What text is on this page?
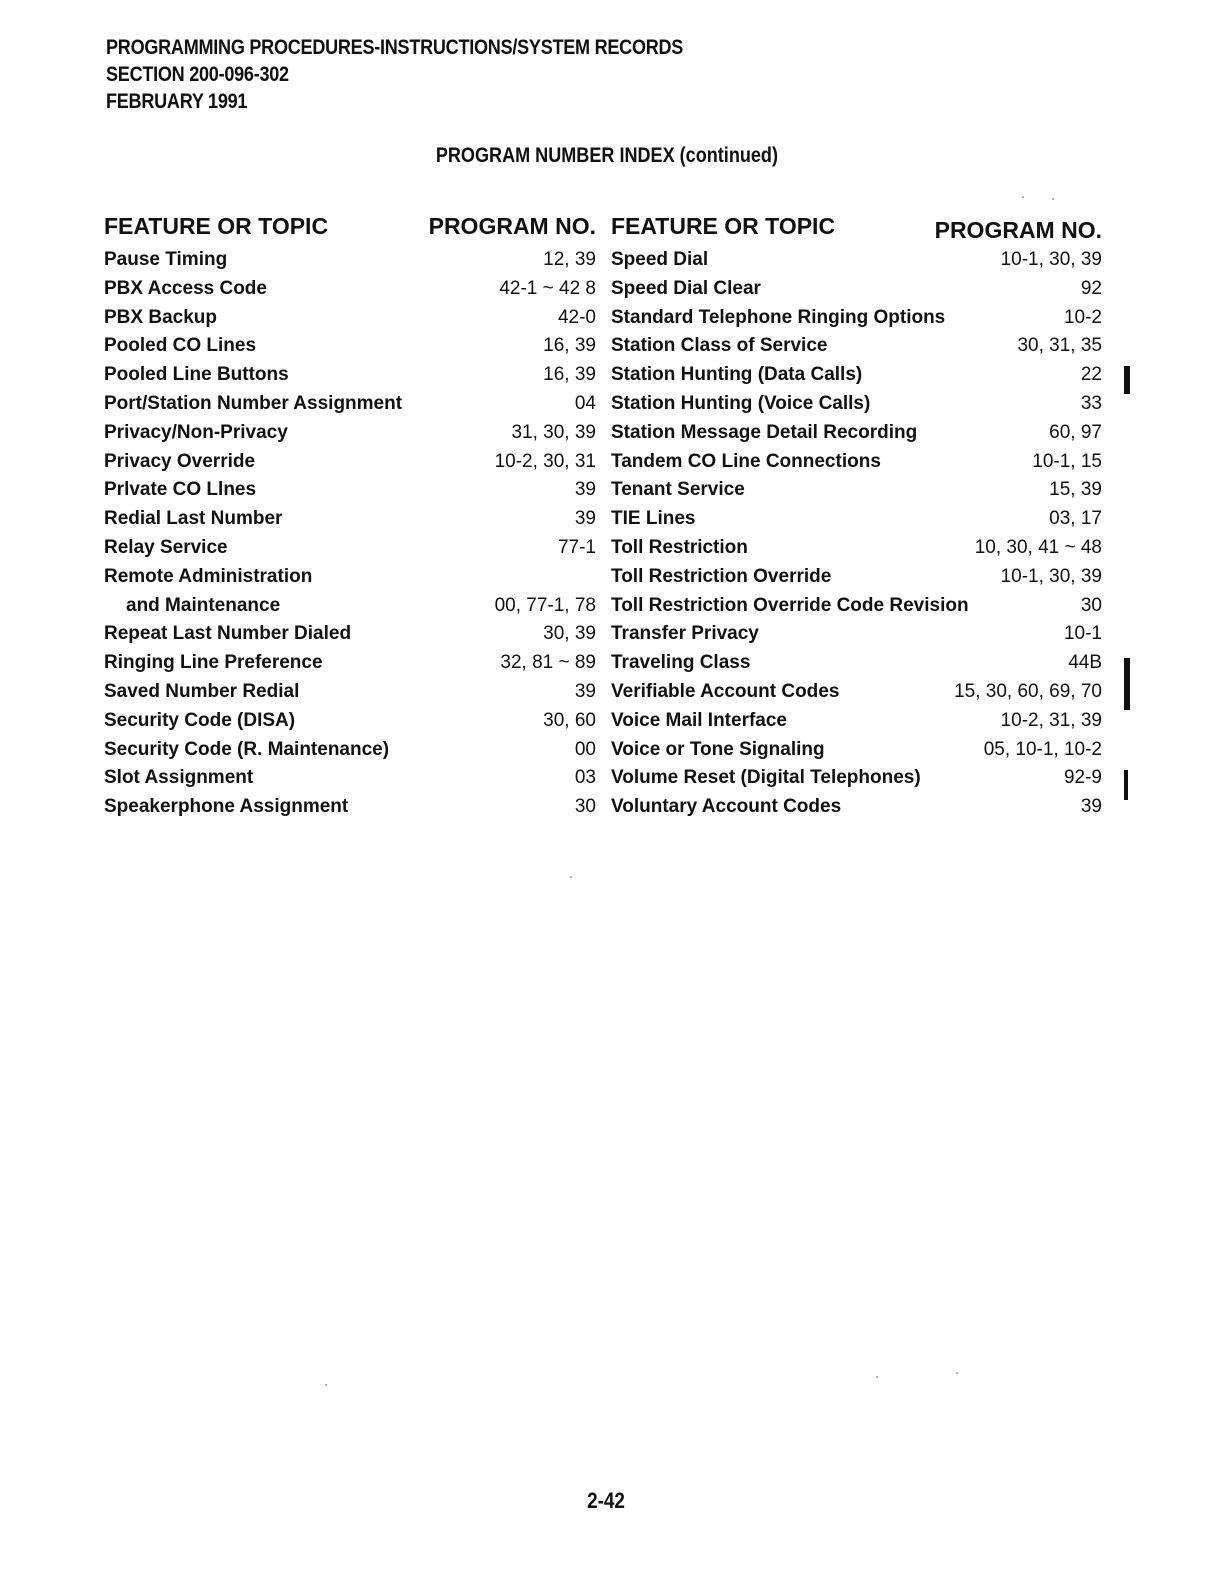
PROGRAMMING PROCEDURES-INSTRUCTIONS/SYSTEM RECORDS
SECTION 200-096-302
FEBRUARY 1991
PROGRAM NUMBER INDEX (continued)
FEATURE OR TOPIC	PROGRAM NO.
Pause Timing	12, 39
PBX Access Code	42-1 ~ 42 8
PBX Backup	42-0
Pooled CO Lines	16, 39
Pooled Line Buttons	16, 39
Port/Station Number Assignment	04
Privacy/Non-Privacy	31, 30, 39
Privacy Override	10-2, 30, 31
Prlvate CO Llnes	39
Redial Last Number	39
Relay Service	77-1
Remote Administration
and Maintenance	00, 77-1, 78
Repeat Last Number Dialed	30, 39
Ringing Line Preference	32, 81 ~ 89
Saved Number Redial	39
Security Code (DISA)	30, 60
Security Code (R. Maintenance)	00
Slot Assignment	03
Speakerphone Assignment	30
FEATURE OR TOPIC	PROGRAM NO.
Speed Dial	10-1, 30, 39
Speed Dial Clear	92
Standard Telephone Ringing Options	10-2
Station Class of Service	30, 31, 35
Station Hunting (Data Calls)	22
Station Hunting (Voice Calls)	33
Station Message Detail Recording	60, 97
Tandem CO Line Connections	10-1, 15
Tenant Service	15, 39
TIE Lines	03, 17
Toll Restriction	10, 30, 41 ~ 48
Toll Restriction Override	10-1, 30, 39
Toll Restriction Override Code Revision	30
Transfer Privacy	10-1
Traveling Class	44B
Verifiable Account Codes	15, 30, 60, 69, 70
Voice Mail Interface	10-2, 31, 39
Voice or Tone Signaling	05, 10-1, 10-2
Volume Reset (Digital Telephones)	92-9
Voluntary Account Codes	39
2-42
